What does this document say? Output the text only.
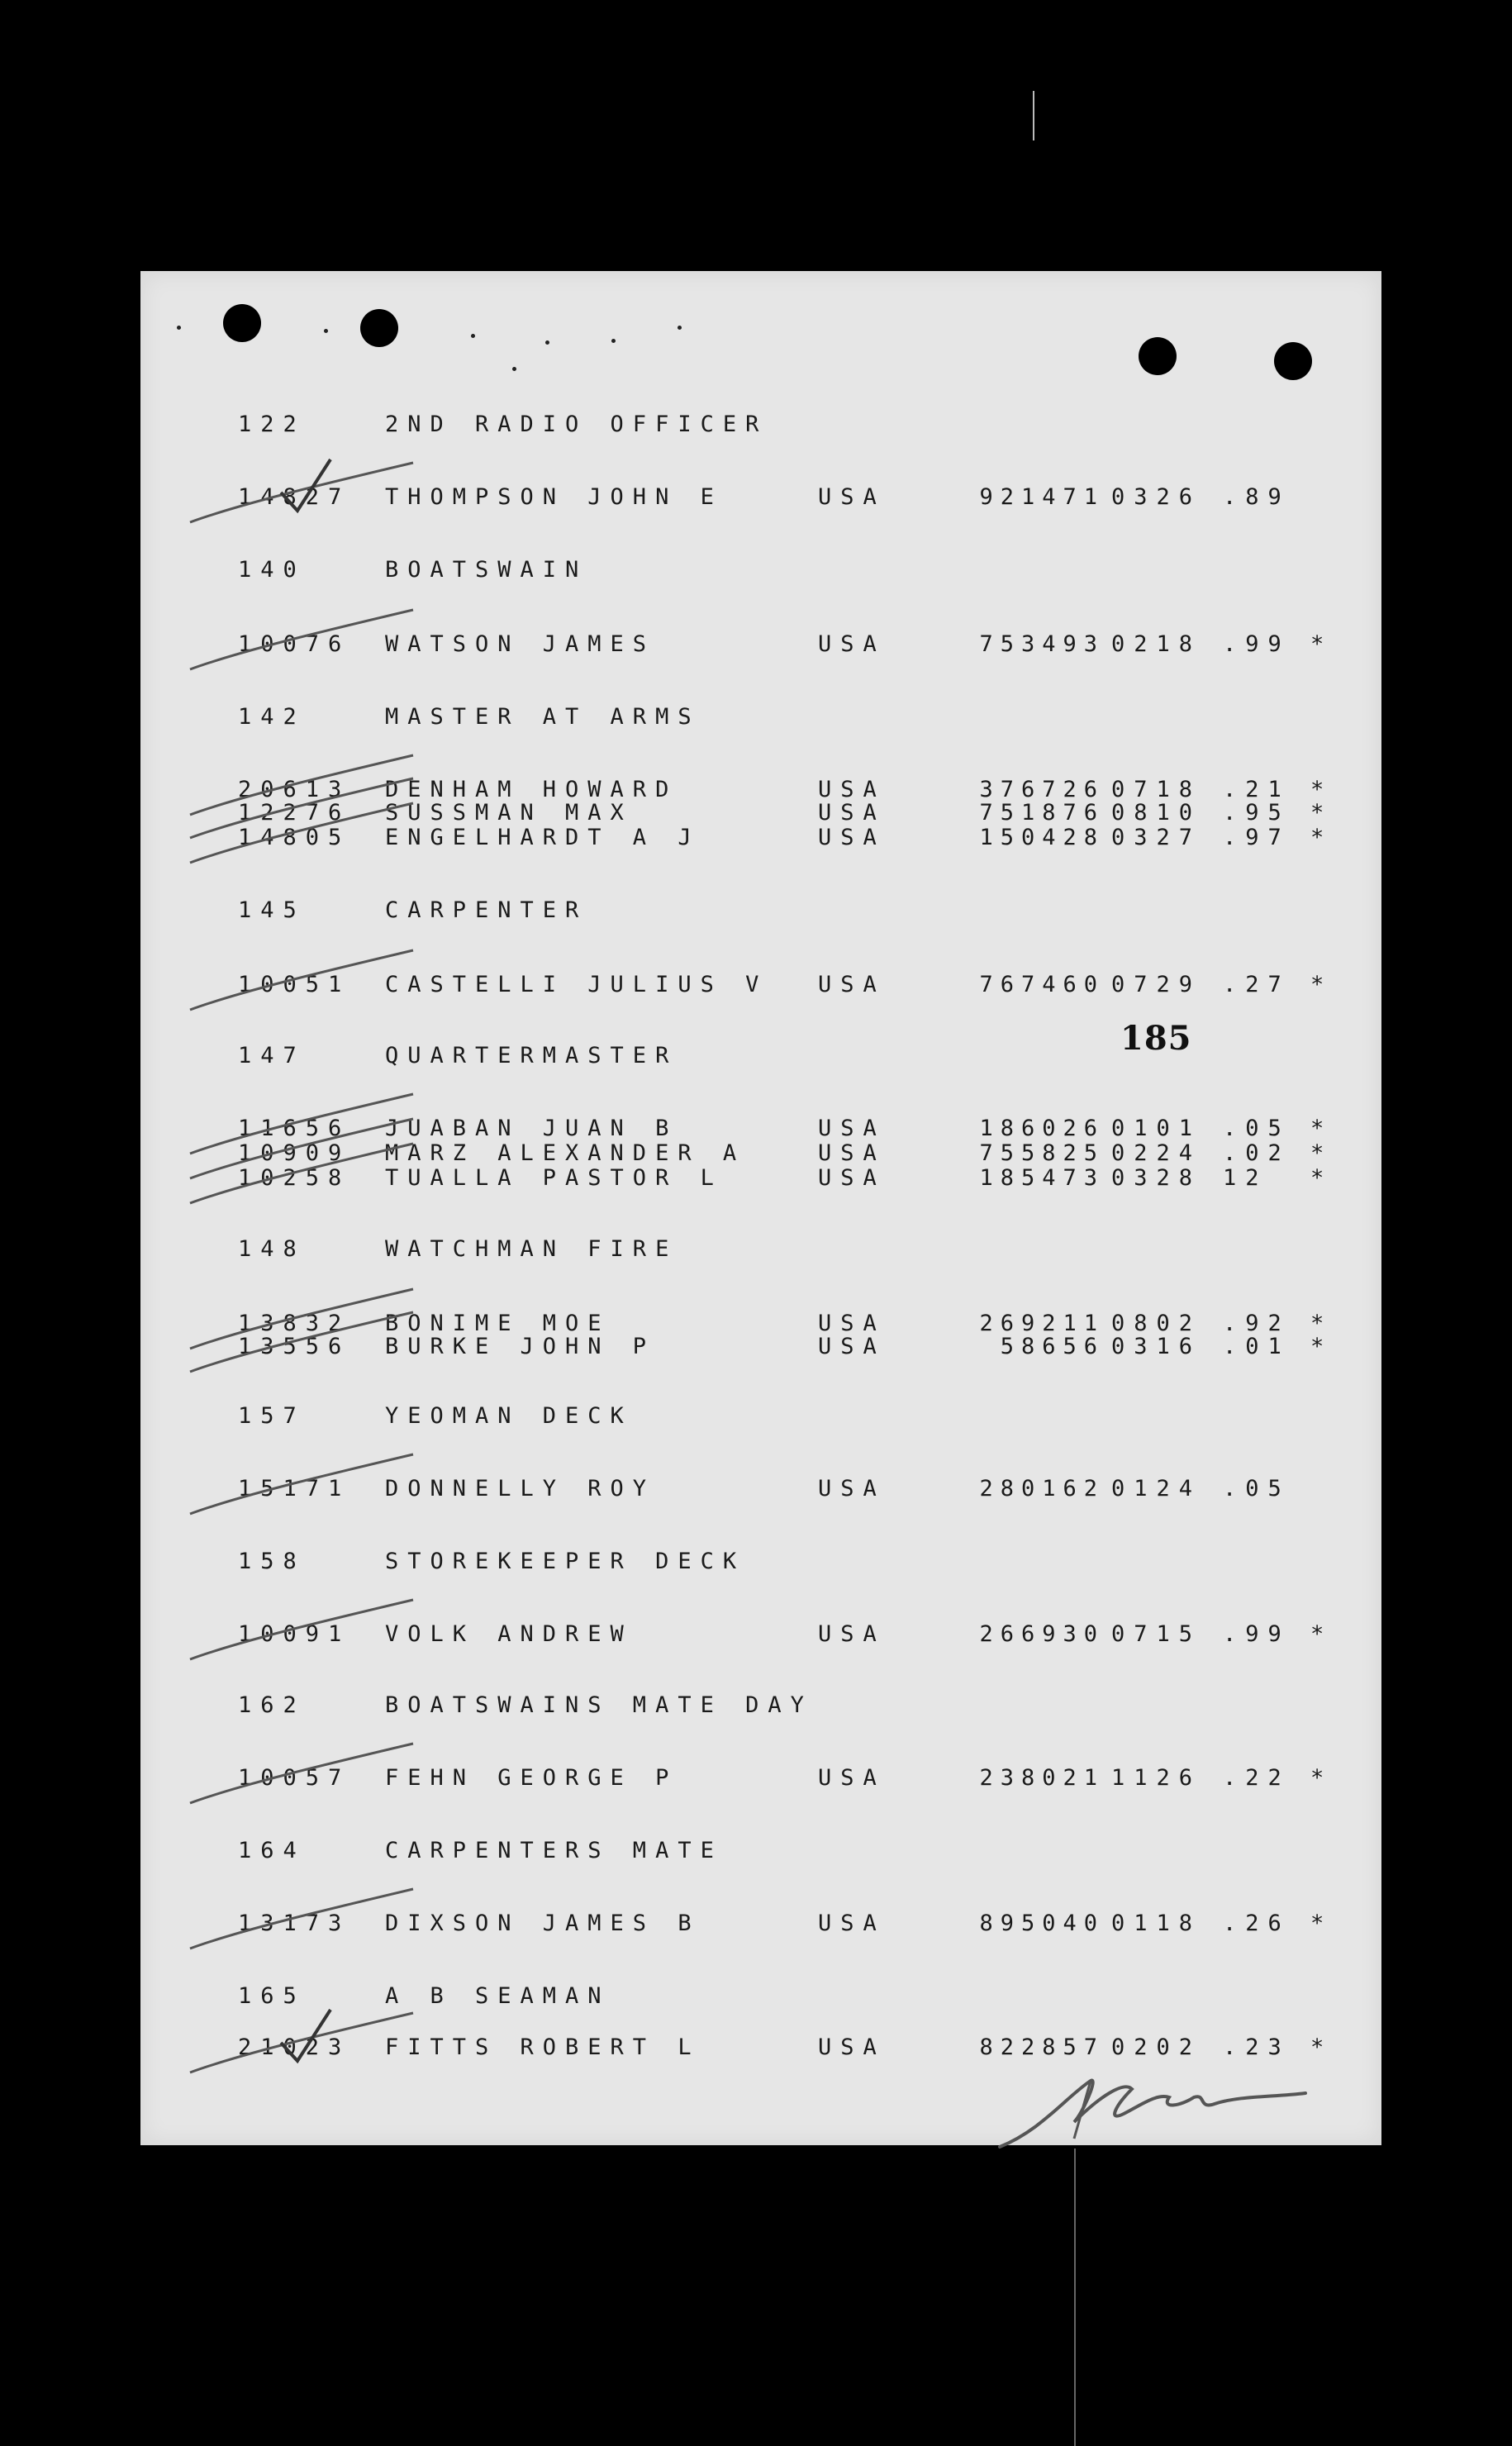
122	2ND RADIO OFFICER
14827 THOMPSON JOHN E	USA	921471 0326 .89
140	BOATSWAIN
10076 WATSON JAMES	USA	753493 0218 .99 *
142	MASTER AT ARMS
20613 DENHAM HOWARD	USA	376726 0718 .21 *
12276 SUSSMAN MAX	USA	751876 0810 .95 *
14805 ENGELHARDT A J	USA	150428 0327 .97 *
145	CARPENTER
10051 CASTELLI JULIUS V USA	767460 0729 .27 *
147	QUARTERMASTER
11656 JUABAN JUAN B	USA	186026 0101 .05 *
10909 MARZ ALEXANDER A	USA	755825 0224 .02 *
10258 TUALLA PASTOR L	USA	185473 0328 12 *
148	WATCHMAN FIRE
13832 BONIME MOE	USA	269211 0802 .92 *
13556 BURKE JOHN P	USA	58656 0316 .01 *
157	YEOMAN DECK
15171 DONNELLY ROY	USA	280162 0124 .05
158	STOREKEEPER DECK
10091 VOLK ANDREW	USA	266930 0715 .99 *
162	BOATSWAINS MATE DAY
10057 FEHN GEORGE P	USA	238021 1126 .22 *
164	CARPENTERS MATE
13173 DIXSON JAMES B	USA	895040 0118 .26 *
165	A B SEAMAN
21023 FITTS ROBERT L	USA	822857 0202 .23 *
185
